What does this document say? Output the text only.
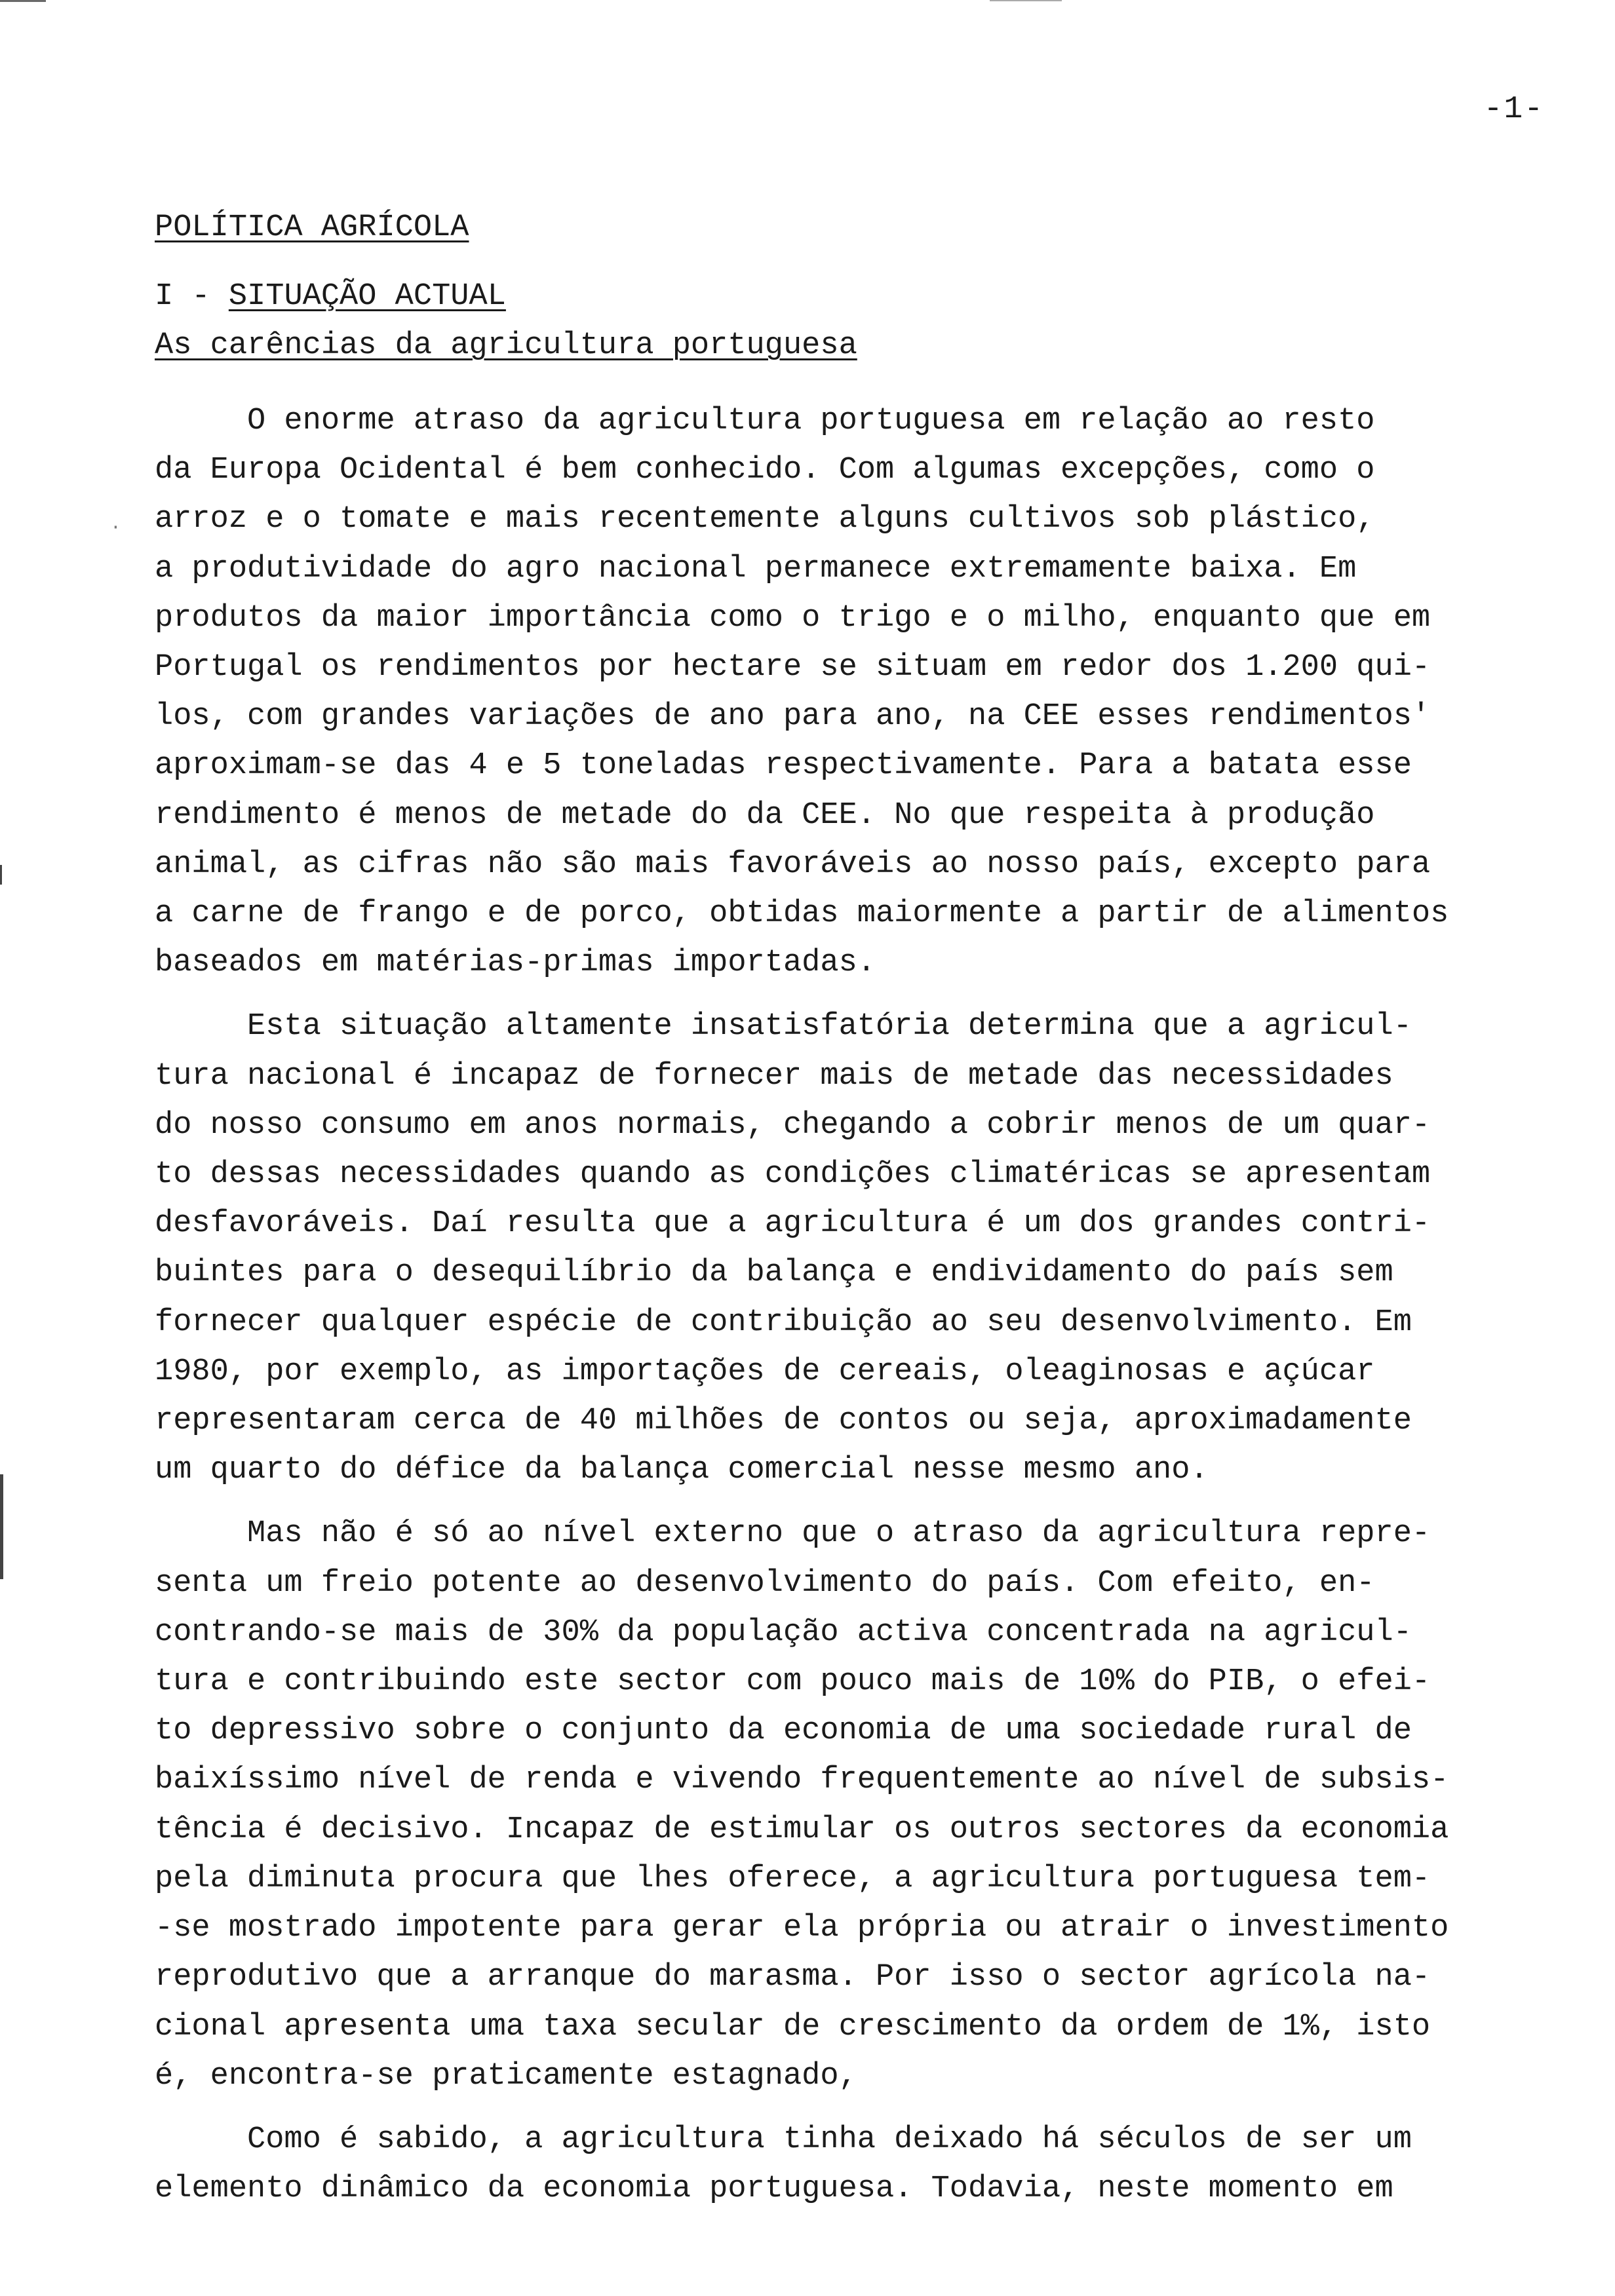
·
-1-
POLÍTICA AGRÍCOLA
I - SITUAÇÃO ACTUAL
As carências da agricultura portuguesa
O enorme atraso da agricultura portuguesa em relação ao resto
da Europa Ocidental é bem conhecido. Com algumas excepções, como o
arroz e o tomate e mais recentemente alguns cultivos sob plástico,
a produtividade do agro nacional permanece extremamente baixa. Em
produtos da maior importância como o trigo e o milho, enquanto que em
Portugal os rendimentos por hectare se situam em redor dos 1.200 qui-
los, com grandes variações de ano para ano, na CEE esses rendimentos'
aproximam-se das 4 e 5 toneladas respectivamente. Para a batata esse
rendimento é menos de metade do da CEE. No que respeita à produção
animal, as cifras não são mais favoráveis ao nosso país, excepto para
a carne de frango e de porco, obtidas maiormente a partir de alimentos
baseados em matérias-primas importadas.
Esta situação altamente insatisfatória determina que a agricul-
tura nacional é incapaz de fornecer mais de metade das necessidades
do nosso consumo em anos normais, chegando a cobrir menos de um quar-
to dessas necessidades quando as condições climatéricas se apresentam
desfavoráveis. Daí resulta que a agricultura é um dos grandes contri-
buintes para o desequilíbrio da balança e endividamento do país sem
fornecer qualquer espécie de contribuição ao seu desenvolvimento. Em
1980, por exemplo, as importações de cereais, oleaginosas e açúcar
representaram cerca de 40 milhões de contos ou seja, aproximadamente
um quarto do défice da balança comercial nesse mesmo ano.
Mas não é só ao nível externo que o atraso da agricultura repre-
senta um freio potente ao desenvolvimento do país. Com efeito, en-
contrando-se mais de 30% da população activa concentrada na agricul-
tura e contribuindo este sector com pouco mais de 10% do PIB, o efei-
to depressivo sobre o conjunto da economia de uma sociedade rural de
baixíssimo nível de renda e vivendo frequentemente ao nível de subsis-
tência é decisivo. Incapaz de estimular os outros sectores da economia
pela diminuta procura que lhes oferece, a agricultura portuguesa tem-
-se mostrado impotente para gerar ela própria ou atrair o investimento
reprodutivo que a arranque do marasma. Por isso o sector agrícola na-
cional apresenta uma taxa secular de crescimento da ordem de 1%, isto
é, encontra-se praticamente estagnado,
Como é sabido, a agricultura tinha deixado há séculos de ser um
elemento dinâmico da economia portuguesa. Todavia, neste momento em
